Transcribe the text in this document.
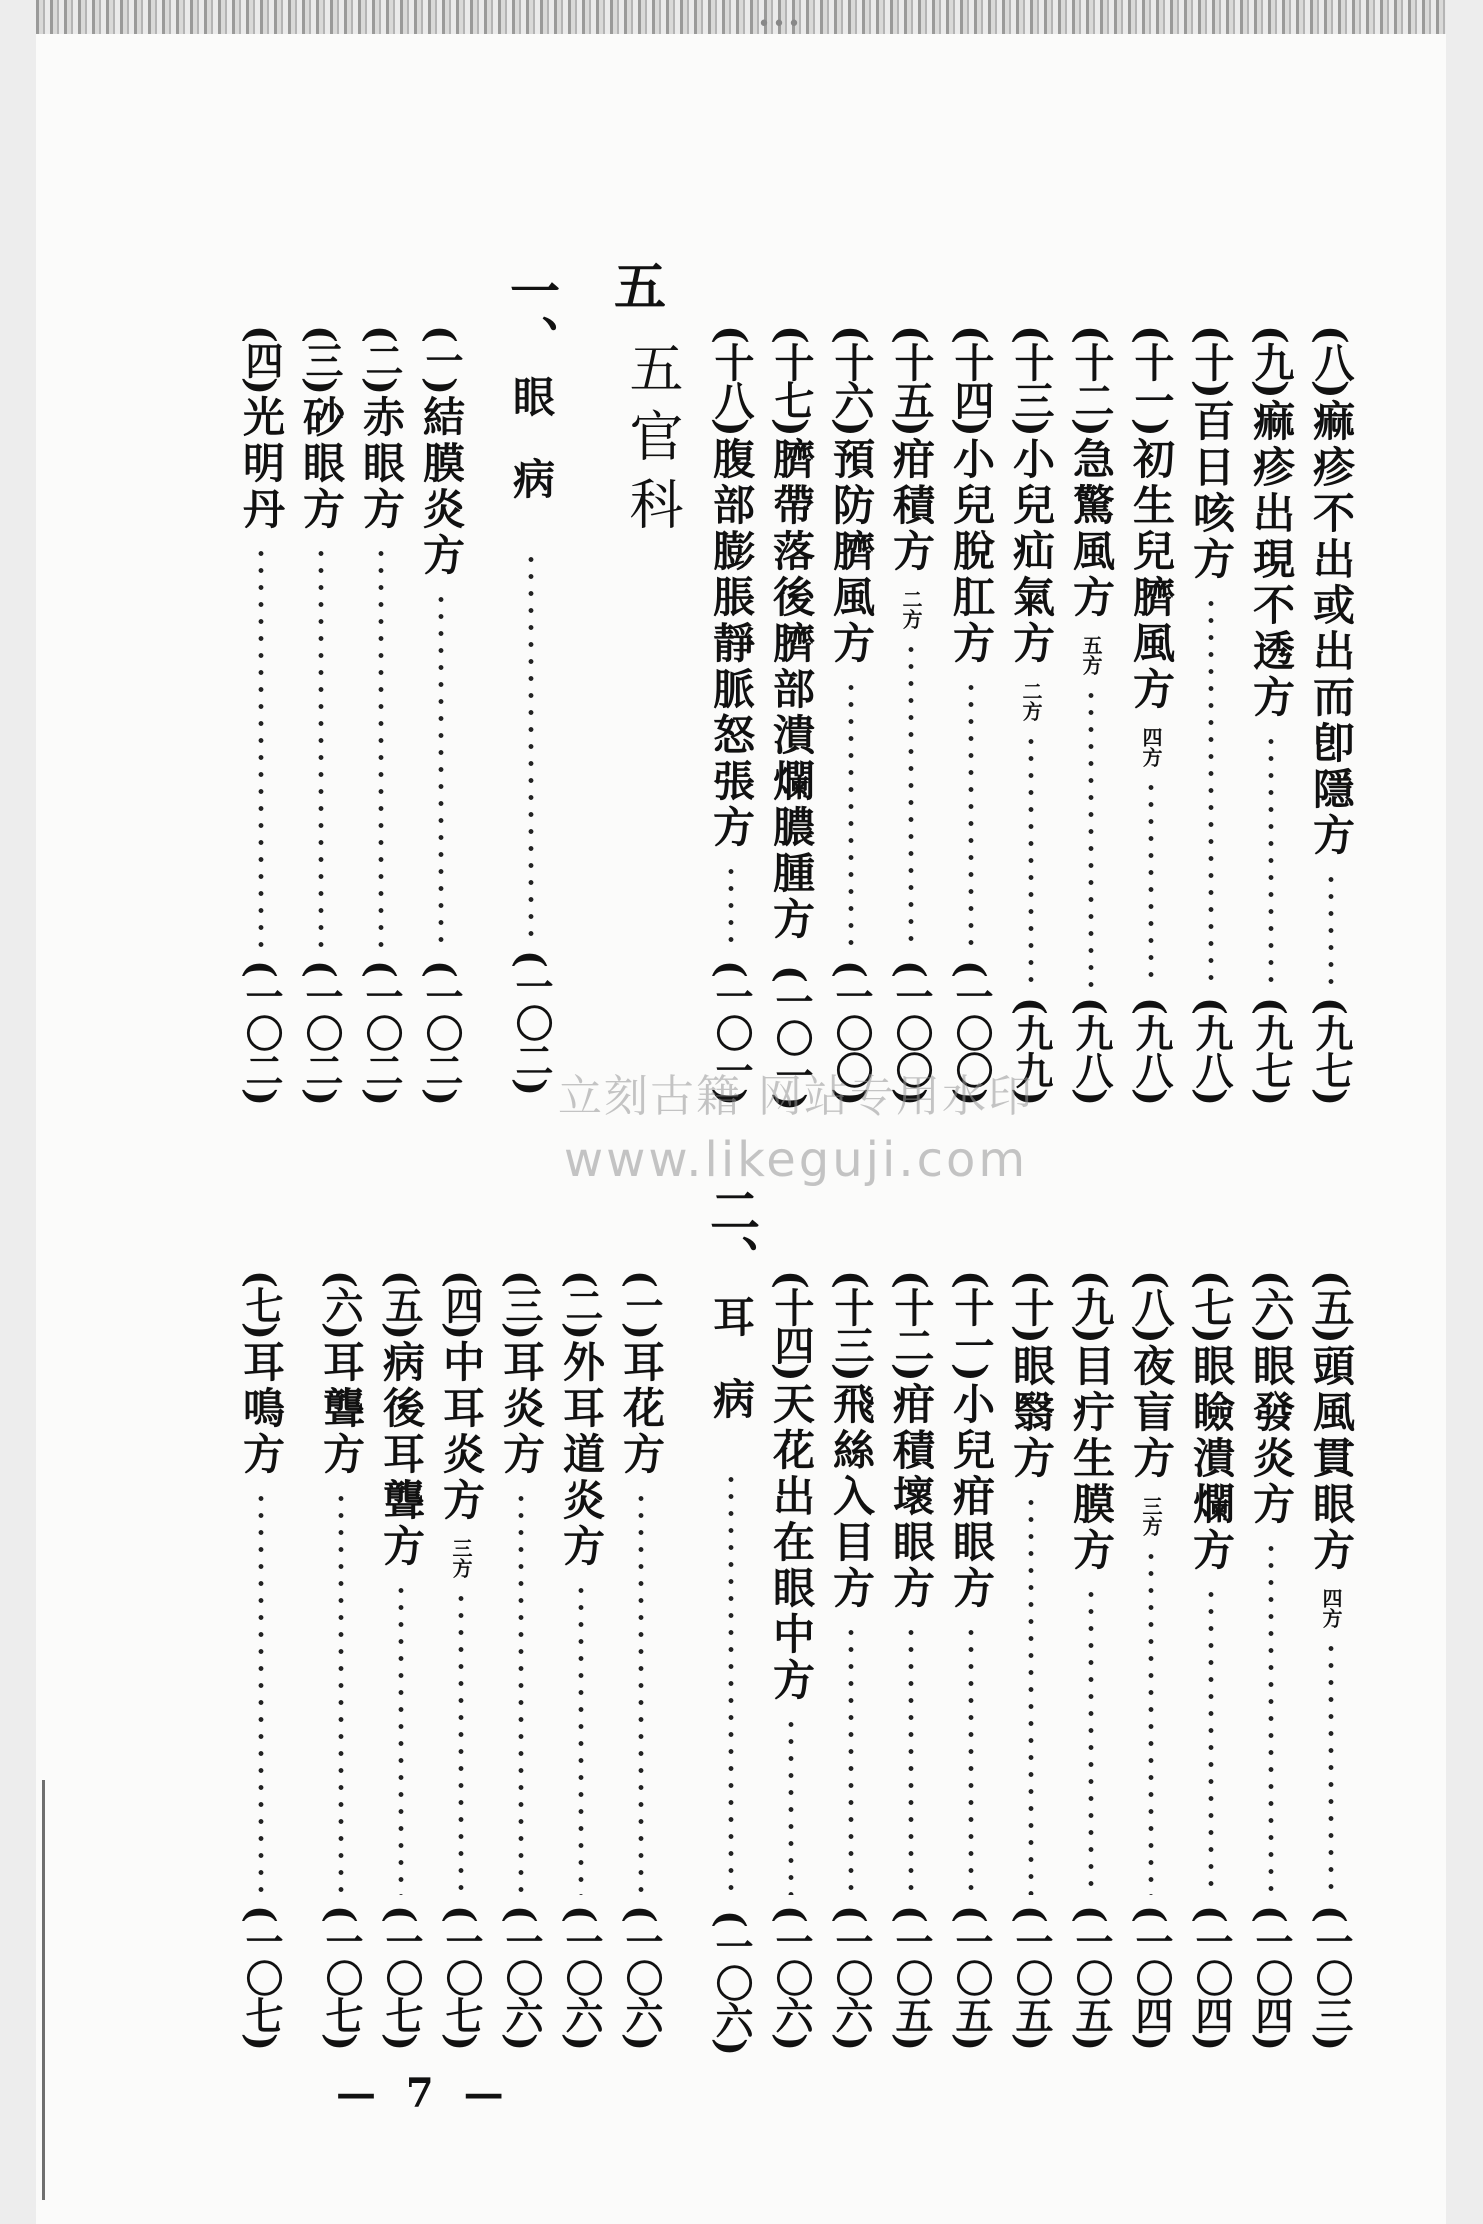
•••
(八)
痲疹不出或出而卽隱方
(九七)
(九)
痲疹出現不透方
(九七)
(十)
百日咳方
(九八)
(十一)
初生兒臍風方
四方
(九八)
(十二)
急驚風方
五方
(九八)
(十三)
小兒疝氣方
二方
(九九)
(十四)
小兒脫肛方
(一〇〇)
(十五)
疳積方
二方
(一〇〇)
(十六)
預防臍風方
(一〇〇)
(十七)
臍帶落後臍部潰爛膿腫方
(一〇一)
(十八)
腹部膨脹靜脈怒張方
(一〇一)
五
五官科
一、
眼病
(一〇二)
(一)
結膜炎方
(一〇二)
(二)
赤眼方
(一〇二)
(三)
砂眼方
(一〇二)
(四)
光明丹
(一〇二)
(五)
頭風貫眼方
四方
(一〇三)
(六)
眼發炎方
(一〇四)
(七)
眼瞼潰爛方
(一〇四)
(八)
夜盲方
三方
(一〇四)
(九)
目疔生膜方
(一〇五)
(十)
眼翳方
(一〇五)
(十一)
小兒疳眼方
(一〇五)
(十二)
疳積壞眼方
(一〇五)
(十三)
飛絲入目方
(一〇六)
(十四)
天花出在眼中方
(一〇六)
二、
耳病
(一〇六)
(一)
耳花方
(一〇六)
(二)
外耳道炎方
(一〇六)
(三)
耳炎方
(一〇六)
(四)
中耳炎方
三方
(一〇七)
(五)
病後耳聾方
(一〇七)
(六)
耳聾方
(一〇七)
(七)
耳鳴方
(一〇七)
— 7 —
立刻古籍 网站专用水印
www.likeguji.com
